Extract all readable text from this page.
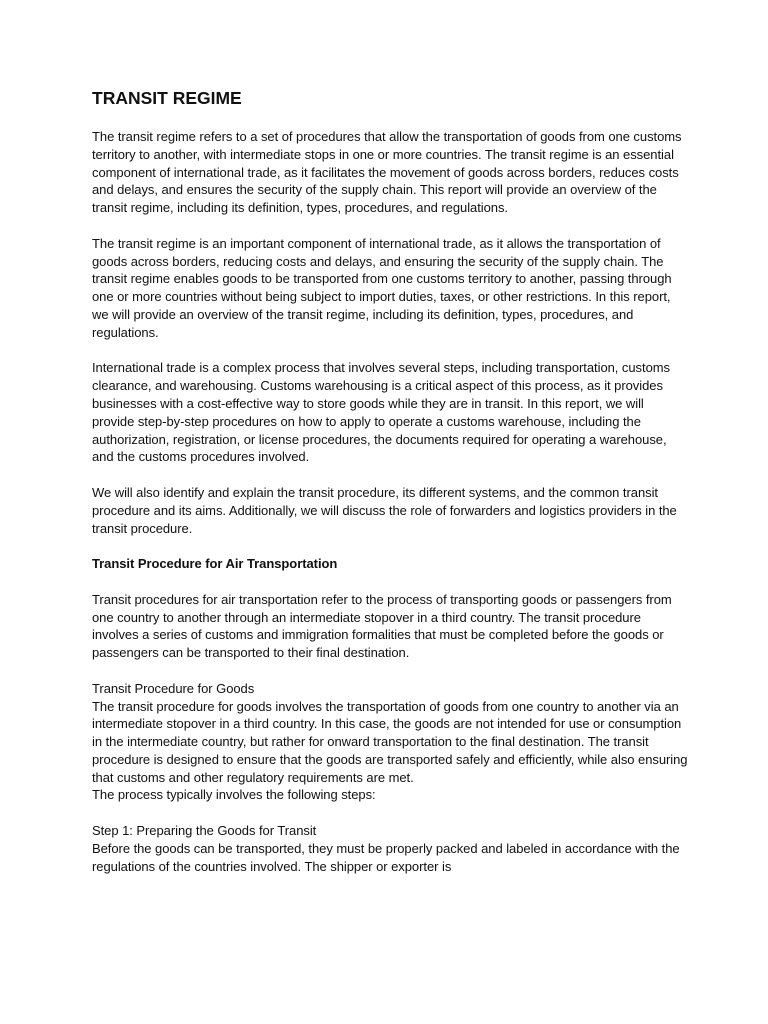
TRANSIT REGIME

The transit regime refers to a set of procedures that allow the transportation of goods from one customs territory to another, with intermediate stops in one or more countries. The transit regime is an essential component of international trade, as it facilitates the movement of goods across borders, reduces costs and delays, and ensures the security of the supply chain. This report will provide an overview of the transit regime, including its definition, types, procedures, and regulations.

The transit regime is an important component of international trade, as it allows the transportation of goods across borders, reducing costs and delays, and ensuring the security of the supply chain. The transit regime enables goods to be transported from one customs territory to another, passing through one or more countries without being subject to import duties, taxes, or other restrictions. In this report, we will provide an overview of the transit regime, including its definition, types, procedures, and regulations.

International trade is a complex process that involves several steps, including transportation, customs clearance, and warehousing. Customs warehousing is a critical aspect of this process, as it provides businesses with a cost-effective way to store goods while they are in transit. In this report, we will provide step-by-step procedures on how to apply to operate a customs warehouse, including the authorization, registration, or license procedures, the documents required for operating a warehouse, and the customs procedures involved.

We will also identify and explain the transit procedure, its different systems, and the common transit procedure and its aims. Additionally, we will discuss the role of forwarders and logistics providers in the transit procedure.

Transit Procedure for Air Transportation

Transit procedures for air transportation refer to the process of transporting goods or passengers from one country to another through an intermediate stopover in a third country. The transit procedure involves a series of customs and immigration formalities that must be completed before the goods or passengers can be transported to their final destination.

Transit Procedure for Goods

The transit procedure for goods involves the transportation of goods from one country to another via an intermediate stopover in a third country. In this case, the goods are not intended for use or consumption in the intermediate country, but rather for onward transportation to the final destination. The transit procedure is designed to ensure that the goods are transported safely and efficiently, while also ensuring that customs and other regulatory requirements are met.

The process typically involves the following steps:

Step 1: Preparing the Goods for Transit

Before the goods can be transported, they must be properly packed and labeled in accordance with the regulations of the countries involved. The shipper or exporter is
